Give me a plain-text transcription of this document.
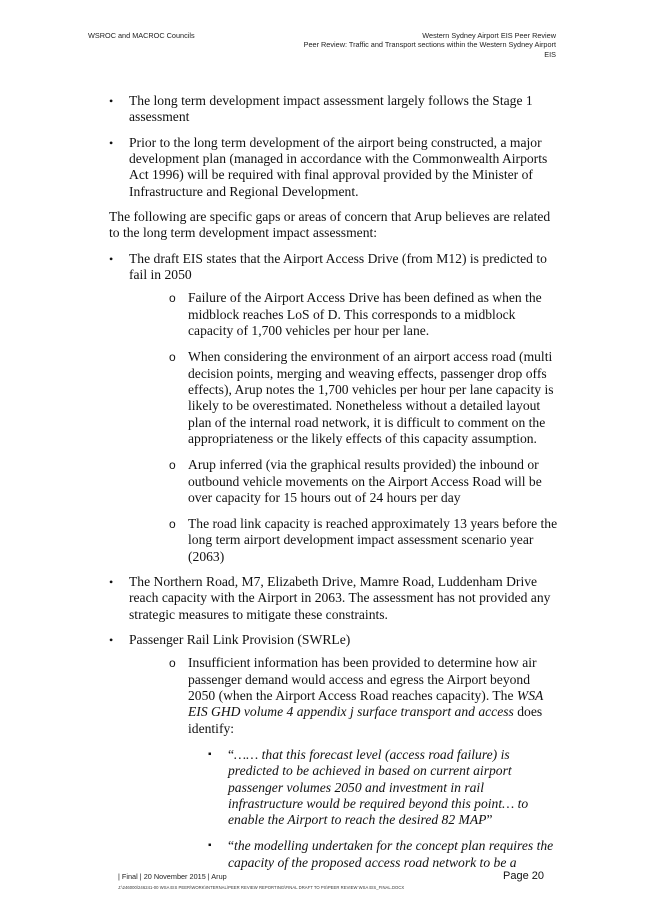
WSROC and MACROC Councils	Western Sydney Airport EIS Peer Review
Peer Review: Traffic and Transport sections within the Western Sydney Airport
EIS
• The long term development impact assessment largely follows the Stage 1 assessment
• Prior to the long term development of the airport being constructed, a major development plan (managed in accordance with the Commonwealth Airports Act 1996) will be required with final approval provided by the Minister of Infrastructure and Regional Development.
The following are specific gaps or areas of concern that Arup believes are related to the long term development impact assessment:
• The draft EIS states that the Airport Access Drive (from M12) is predicted to fail in 2050
o Failure of the Airport Access Drive has been defined as when the midblock reaches LoS of D. This corresponds to a midblock capacity of 1,700 vehicles per hour per lane.
o When considering the environment of an airport access road (multi decision points, merging and weaving effects, passenger drop offs effects), Arup notes the 1,700 vehicles per hour per lane capacity is likely to be overestimated. Nonetheless without a detailed layout plan of the internal road network, it is difficult to comment on the appropriateness or the likely effects of this capacity assumption.
o Arup inferred (via the graphical results provided) the inbound or outbound vehicle movements on the Airport Access Road will be over capacity for 15 hours out of 24 hours per day
o The road link capacity is reached approximately 13 years before the long term airport development impact assessment scenario year (2063)
• The Northern Road, M7, Elizabeth Drive, Mamre Road, Luddenham Drive reach capacity with the Airport in 2063. The assessment has not provided any strategic measures to mitigate these constraints.
• Passenger Rail Link Provision (SWRLe)
o Insufficient information has been provided to determine how air passenger demand would access and egress the Airport beyond 2050 (when the Airport Access Road reaches capacity). The WSA EIS GHD volume 4 appendix j surface transport and access does identify:
▪ “…… that this forecast level (access road failure) is predicted to be achieved in based on current airport passenger volumes 2050 and investment in rail infrastructure would be required beyond this point… to enable the Airport to reach the desired 82 MAP”
▪ “the modelling undertaken for the concept plan requires the capacity of the proposed access road network to be a
| Final | 20 November 2015 | Arup	Page 20
J:\246000\246241-00 WSA EIS PEER\WORK\INTERNAL\PEER REVIEW REPORTING\FINAL DRAFT TO PS\PEER REVIEW WSA EIS_FINAL.DOCX
